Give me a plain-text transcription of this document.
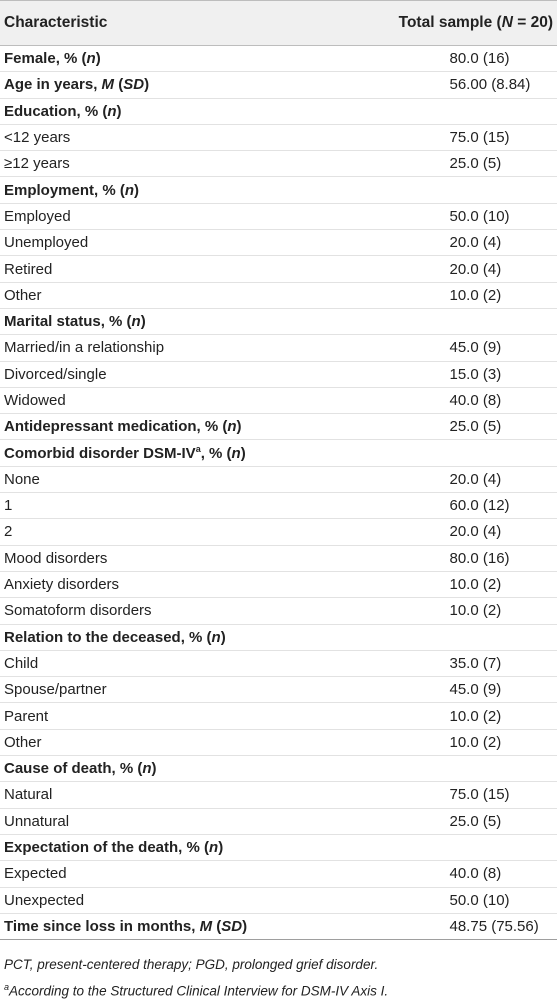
Characteristic	Total sample (N = 20)
Female, % (n)	80.0 (16)
Age in years, M (SD)	56.00 (8.84)
Education, % (n)
<12 years	75.0 (15)
≥12 years	25.0 (5)
Employment, % (n)
Employed	50.0 (10)
Unemployed	20.0 (4)
Retired	20.0 (4)
Other	10.0 (2)
Marital status, % (n)
Married/in a relationship	45.0 (9)
Divorced/single	15.0 (3)
Widowed	40.0 (8)
Antidepressant medication, % (n)	25.0 (5)
Comorbid disorder DSM-$IV^a$, % (n)
None	20.0 (4)
1	60.0 (12)
2	20.0 (4)
Mood disorders	80.0 (16)
Anxiety disorders	10.0 (2)
Somatoform disorders	10.0 (2)
Relation to the deceased, % (n)
Child	35.0 (7)
Spouse/partner	45.0 (9)
Parent	10.0 (2)
Other	10.0 (2)
Cause of death, % (n)
Natural	75.0 (15)
Unnatural	25.0 (5)
Expectation of the death, % (n)
Expected	40.0 (8)
Unexpected	50.0 (10)
Time since loss in months, M (SD)	48.75 (75.56)
PCT, present-centered therapy; PGD, prolonged grief disorder.
$^a$According to the Structured Clinical Interview for DSM-IV Axis I.
